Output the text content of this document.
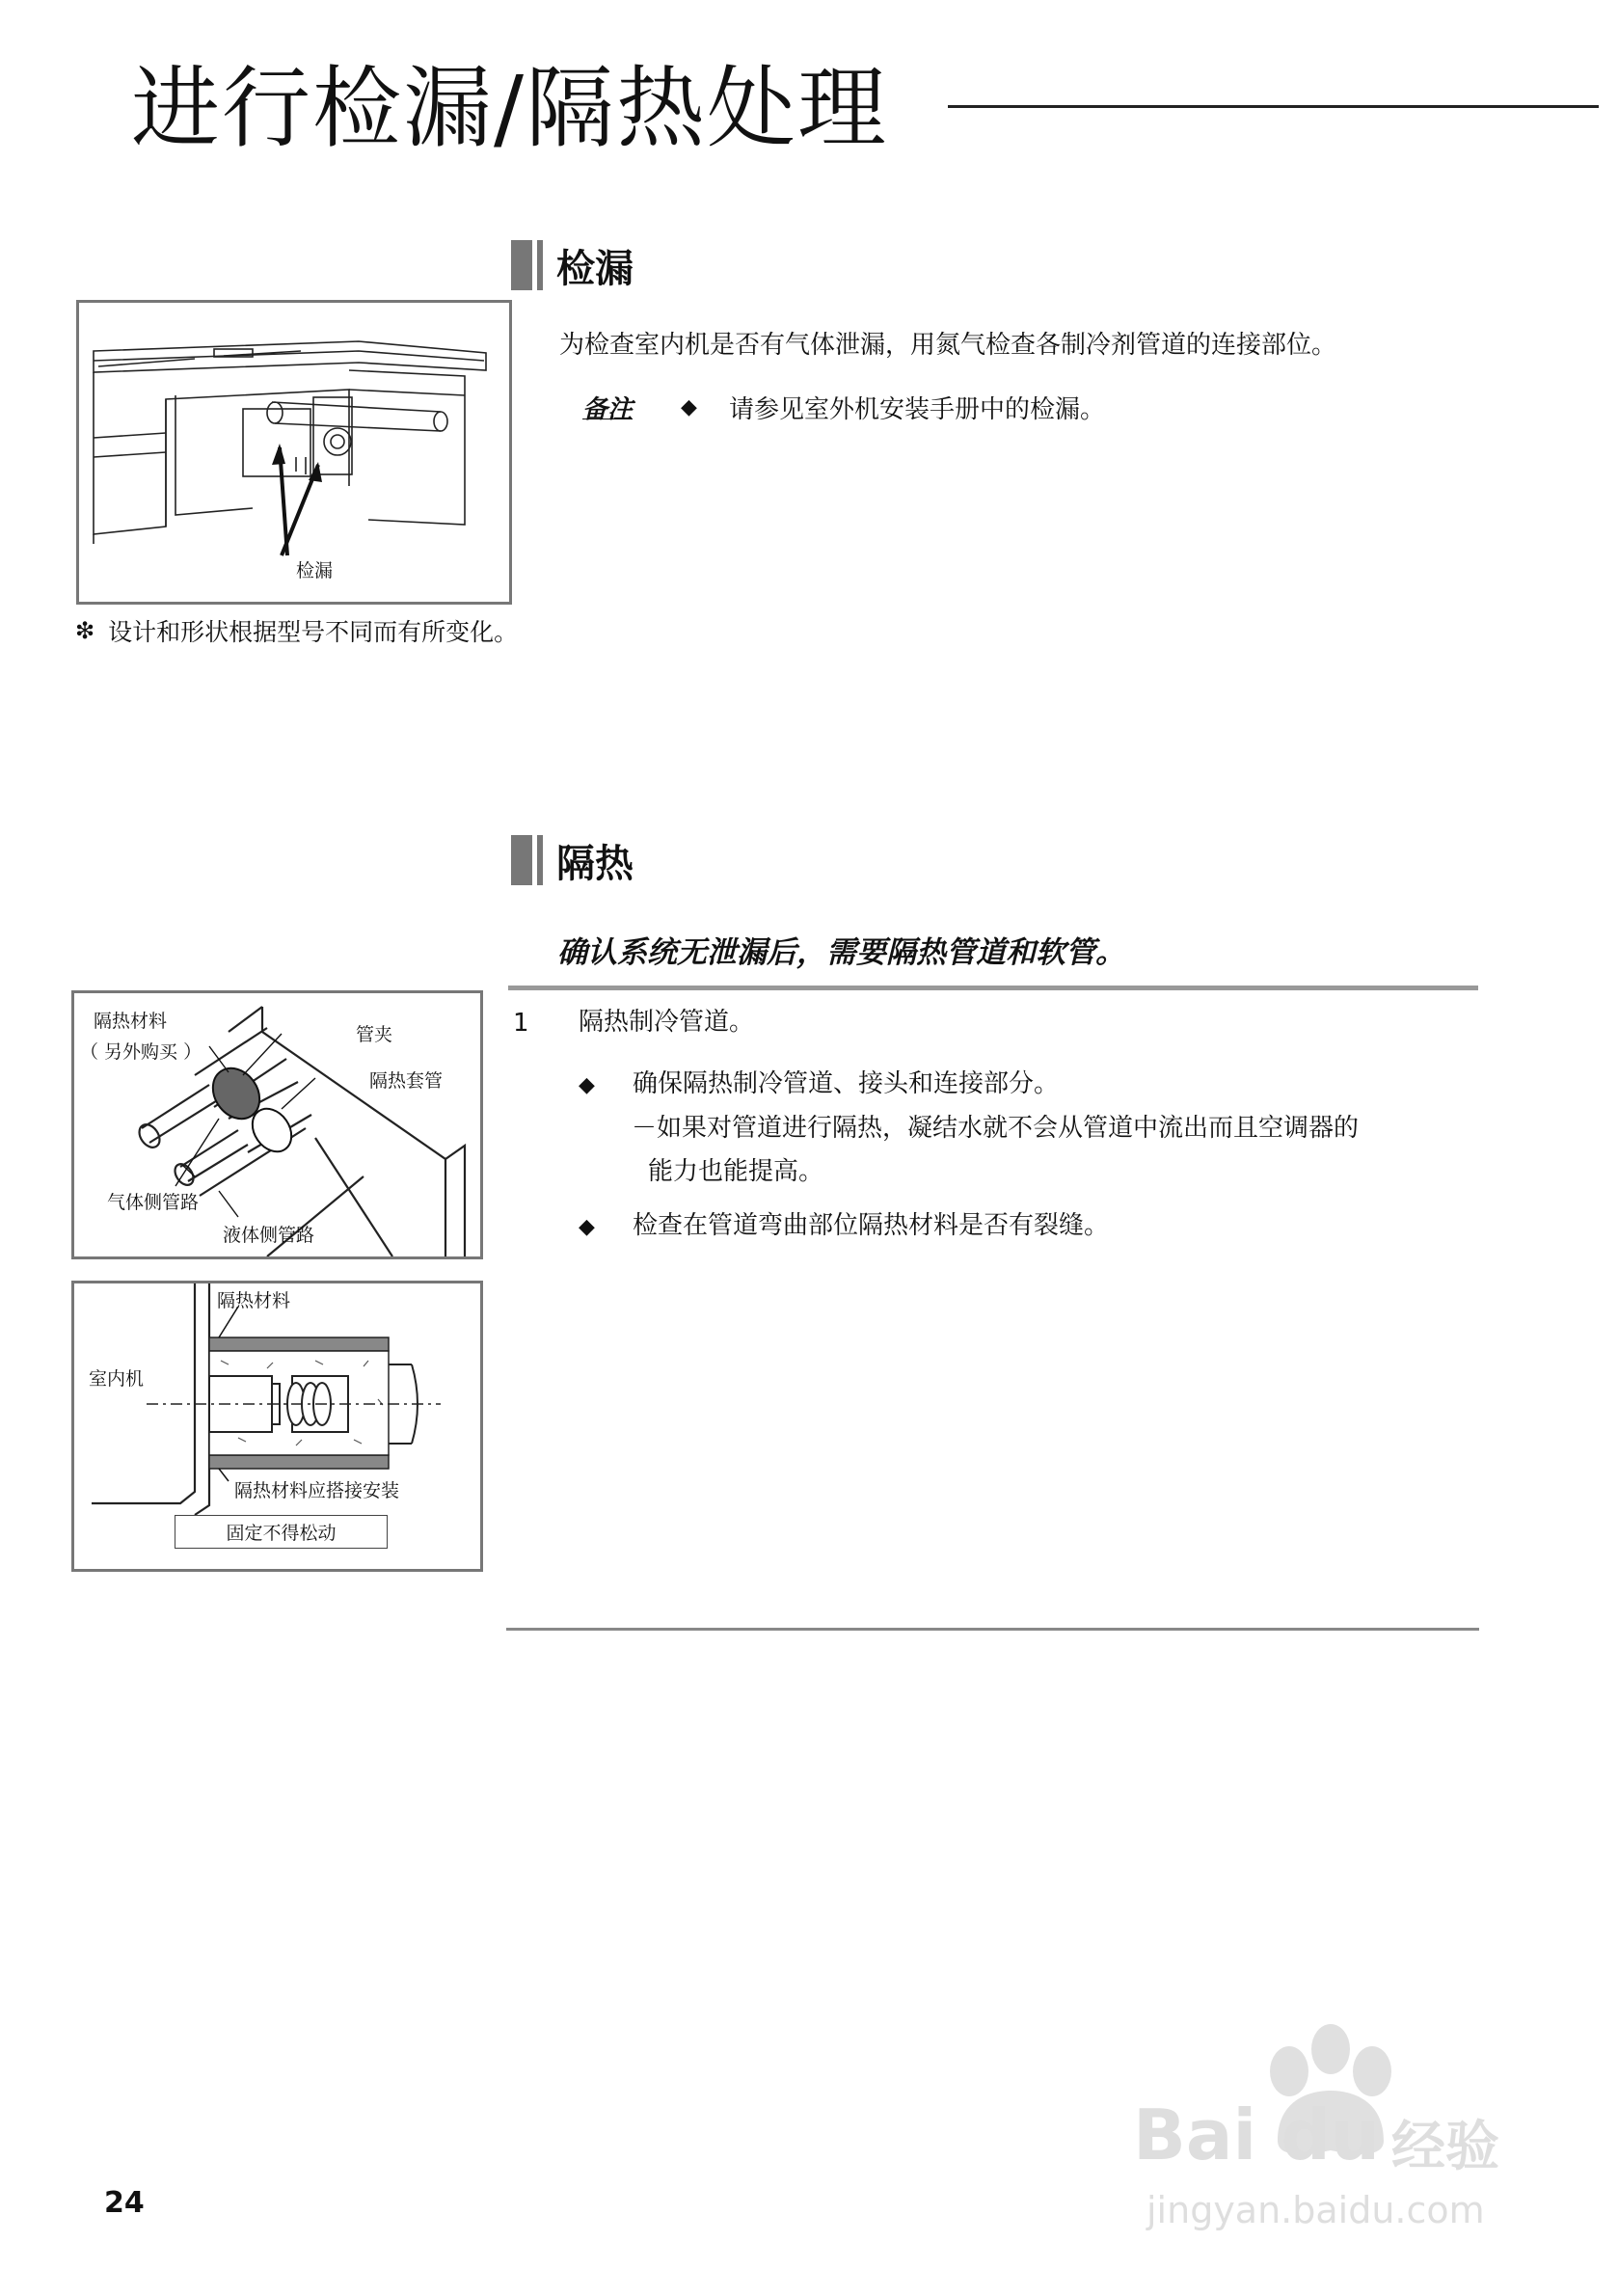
进行检漏/隔热处理
检漏
为检查室内机是否有气体泄漏，用氮气检查各制冷剂管道的连接部位。
备注 ◆ 请参见室外机安装手册中的检漏。
检漏
❇ 设计和形状根据型号不同而有所变化。
隔热
确认系统无泄漏后，需要隔热管道和软管。
1 隔热制冷管道。
◆ 确保隔热制冷管道、接头和连接部分。
－如果对管道进行隔热，凝结水就不会从管道中流出而且空调器的
能力也能提高。
◆ 检查在管道弯曲部位隔热材料是否有裂缝。
隔热材料
（ 另外购买 ）
管夹
隔热套管
气体侧管路
液体侧管路
隔热材料
室内机
隔热材料应搭接安装
固定不得松动
24
Bai du 经验
jingyan.baidu.com
